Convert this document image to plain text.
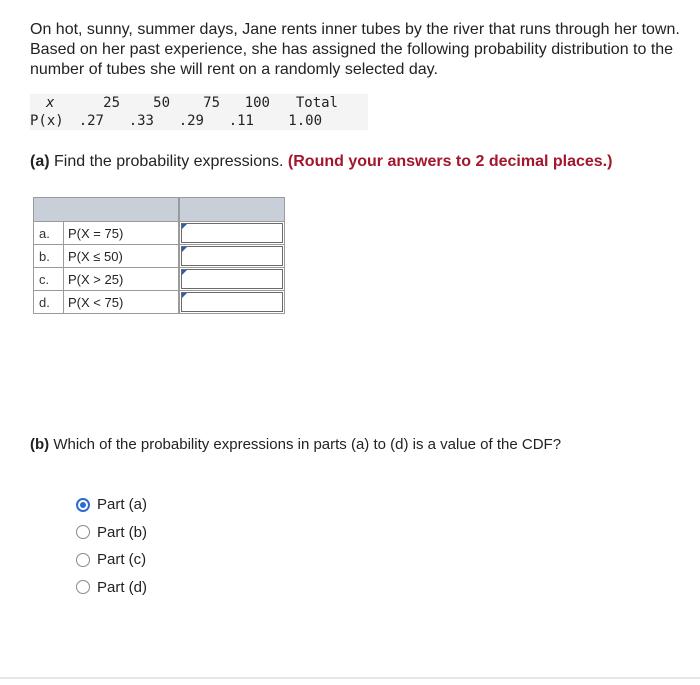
On hot, sunny, summer days, Jane rents inner tubes by the river that runs through her town. Based on her past experience, she has assigned the following probability distribution to the number of tubes she will rent on a randomly selected day.
x	25	50	75	100	Total
P(x)	.27	.33	.29	.11	1.00
(a) Find the probability expressions. (Round your answers to 2 decimal places.)

a.	P(X = 75)		

b.	P(X ≤ 50)		

c.	P(X > 25)		

d.	P(X < 75)		
(b) Which of the probability expressions in parts (a) to (d) is a value of the CDF?
Part (a)
Part (b)
Part (c)
Part (d)
